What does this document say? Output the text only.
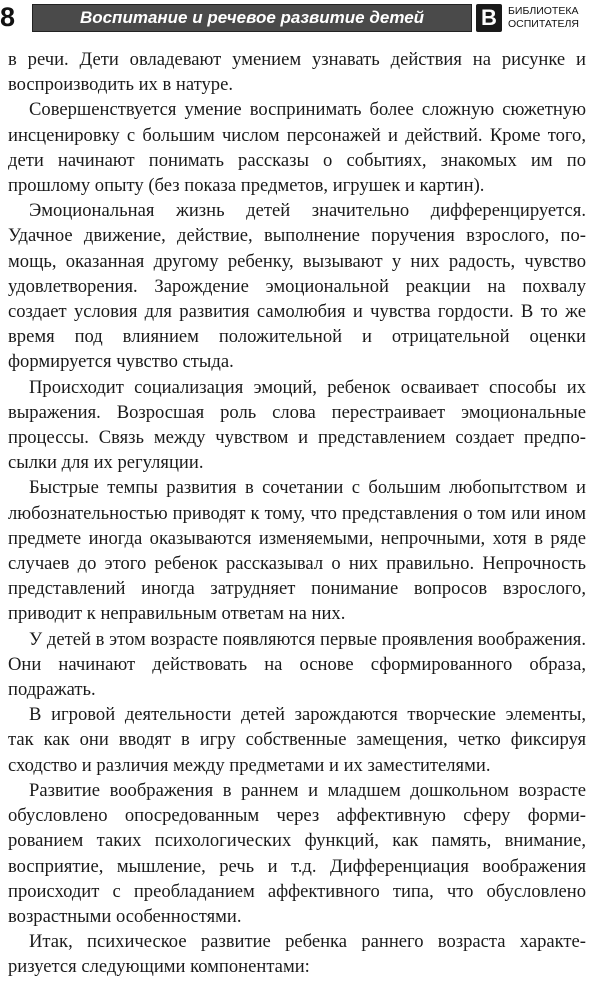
8	Воспитание и речевое развитие детей	В	БИБЛИОТЕКА
ОСПИТАТЕЛЯ

в речи. Дети овладевают умением узнавать действия на рисунке и воспроизводить их в натуре.

Совершенствуется умение воспринимать более сложную сюжетную инсценировку с большим числом персонажей и действий. Кроме того, дети начинают понимать рассказы о событиях, знакомых им по прошлому опыту (без показа предметов, игрушек и картин).

Эмоциональная жизнь детей значительно дифференцируется. Удачное движение, действие, выполнение поручения взрослого, помощь, оказанная другому ребенку, вызывают у них радость, чувство удовлетворения. Зарождение эмоциональной реакции на похвалу создает условия для развития самолюбия и чувства гордости. В то же время под влиянием положительной и отрицательной оценки формируется чувство стыда.

Происходит социализация эмоций, ребенок осваивает способы их выражения. Возросшая роль слова перестраивает эмоциональные процессы. Связь между чувством и представлением создает предпосылки для их регуляции.

Быстрые темпы развития в сочетании с большим любопытством и любознательностью приводят к тому, что представления о том или ином предмете иногда оказываются изменяемыми, непрочными, хотя в ряде случаев до этого ребенок рассказывал о них правильно. Непрочность представлений иногда затрудняет понимание вопросов взрослого, приводит к неправильным ответам на них.

У детей в этом возрасте появляются первые проявления воображения. Они начинают действовать на основе сформированного образа, подражать.

В игровой деятельности детей зарождаются творческие элементы, так как они вводят в игру собственные замещения, четко фиксируя сходство и различия между предметами и их заместителями.

Развитие воображения в раннем и младшем дошкольном возрасте обусловлено опосредованным через аффективную сферу формированием таких психологических функций, как память, внимание, восприятие, мышление, речь и т.д. Дифференциация воображения происходит с преобладанием аффективного типа, что обусловлено возрастными особенностями.

Итак, психическое развитие ребенка раннего возраста характеризуется следующими компонентами:
